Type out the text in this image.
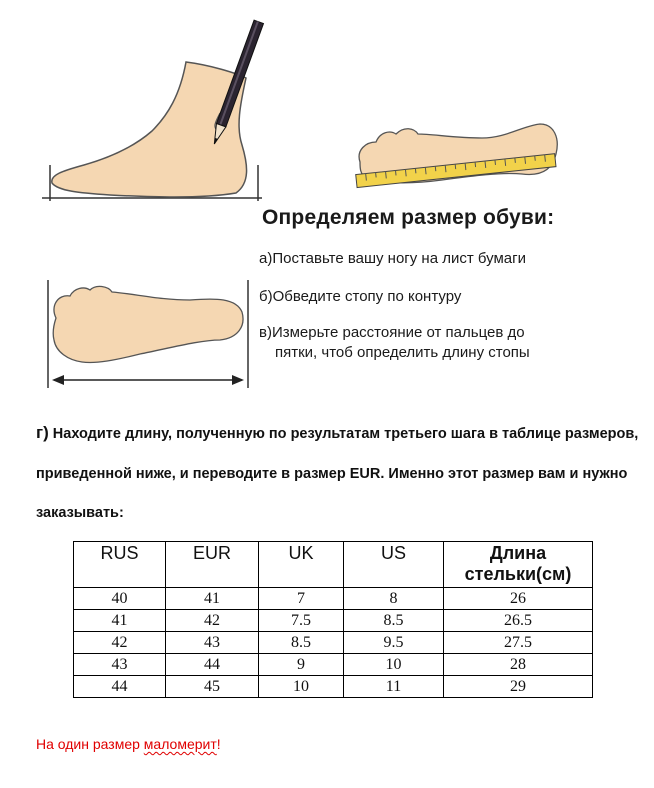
Определяем размер обуви:
а)Поставьте вашу ногу на лист бумаги
б)Обведите стопу по контуру
в)Измерьте расстояние от пальцев до
пятки, чтоб определить длину стопы
г) Находите длину, полученную по результатам третьего шага в таблице размеров,
приведенной ниже, и переводите в размер EUR. Именно этот размер вам и нужно
заказывать:
RUS	EUR	UK	US	Длина стельки(см)
40	41	7	8	26
41	42	7.5	8.5	26.5
42	43	8.5	9.5	27.5
43	44	9	10	28
44	45	10	11	29
На один размер маломерит!
